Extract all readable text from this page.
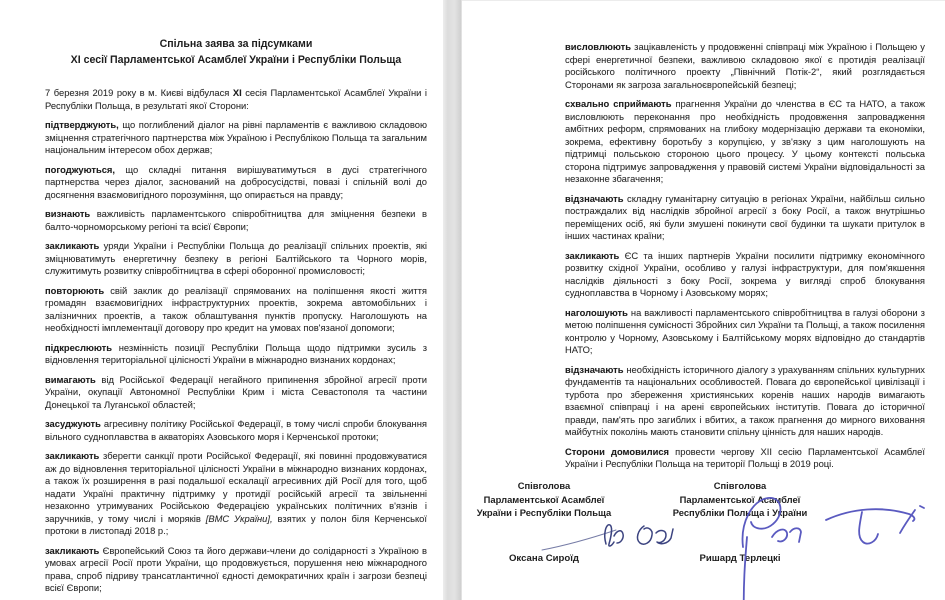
Спільна заява за підсумками
XI сесії Парламентської Асамблеї України і Республіки Польща

7 березня 2019 року в м. Києві відбулася XI сесія Парламентської Асамблеї України і Республіки Польща, в результаті якої Сторони:

підтверджують, що поглиблений діалог на рівні парламентів є важливою складовою зміцнення стратегічного партнерства між Україною і Республікою Польща та загальним національним інтересом обох держав;

погоджуються, що складні питання вирішуватимуться в дусі стратегічного партнерства через діалог, заснований на добросусідстві, повазі і спільній волі до досягнення взаємовигідного порозуміння, що опирається на правду;

визнають важливість парламентського співробітництва для зміцнення безпеки в балто-чорноморському регіоні та всієї Європи;

закликають уряди України і Республіки Польща до реалізації спільних проектів, які зміцнюватимуть енергетичну безпеку в регіоні Балтійського та Чорного морів, служитимуть розвитку співробітництва в сфері оборонної промисловості;

повторюють свій заклик до реалізації спрямованих на поліпшення якості життя громадян взаємовигідних інфраструктурних проектів, зокрема автомобільних і залізничних проектів, а також облаштування пунктів пропуску. Наголошують на необхідності імплементації договору про кредит на умовах пов'язаної допомоги;

підкреслюють незмінність позиції Республіки Польща щодо підтримки зусиль з відновлення територіальної цілісності України в міжнародно визнаних кордонах;

вимагають від Російської Федерації негайного припинення збройної агресії проти України, окупації Автономної Республіки Крим і міста Севастополя та частини Донецької та Луганської областей;

засуджують агресивну політику Російської Федерації, в тому числі спроби блокування вільного судноплавства в акваторіях Азовського моря і Керченської протоки;

закликають зберегти санкції проти Російської Федерації, які повинні продовжуватися аж до відновлення територіальної цілісності України в міжнародно визнаних кордонах, а також їх розширення в разі подальшої ескалації агресивних дій Росії для того, щоб надати Україні практичну підтримку у протидії російській агресії та звільненні незаконно утримуваних Російською Федерацією українських політичних в'язнів і заручників, у тому числі і моряків [ВМС України], взятих у полон біля Керченської протоки в листопаді 2018 р.;

закликають Європейський Союз та його держави-члени до солідарності з Україною в умовах агресії Росії проти України, що продовжується, порушення нею міжнародного права, спроб підриву трансатлантичної єдності демократичних країн і загрози безпеці всієї Європи;

висловлюють зацікавленість у продовженні співпраці між Україною і Польщею у сфері енергетичної безпеки, важливою складовою якої є протидія реалізації російського політичного проекту „Північний Потік-2“, який розглядається Сторонами як загроза загальноєвропейській безпеці;

схвально сприймають прагнення України до членства в ЄС та НАТО, а також висловлюють переконання про необхідність продовження запровадження амбітних реформ, спрямованих на глибоку модернізацію держави та економіки, зокрема, ефективну боротьбу з корупцією, у зв'язку з цим наголошують на підтримці польською стороною цього процесу. У цьому контексті польська сторона підтримує запровадження у правовій системі України відповідальності за незаконне збагачення;

відзначають складну гуманітарну ситуацію в регіонах України, найбільш сильно постраждалих від наслідків збройної агресії з боку Росії, а також внутрішньо переміщених осіб, які були змушені покинути свої будинки та шукати притулок в інших частинах країни;

закликають ЄС та інших партнерів України посилити підтримку економічного розвитку східної України, особливо у галузі інфраструктури, для пом'якшення наслідків діяльності з боку Росії, зокрема у вигляді спроб блокування судноплавства в Чорному і Азовському морях;

наголошують на важливості парламентського співробітництва в галузі оборони з метою поліпшення сумісності Збройних сил України та Польщі, а також посилення контролю у Чорному, Азовському і Балтійському морях відповідно до стандартів НАТО;

відзначають необхідність історичного діалогу з урахуванням спільних культурних фундаментів та національних особливостей. Повага до європейської цивілізації і турбота про збереження християнських коренів наших народів вимагають взаємної співпраці і на арені європейських інститутів. Повага до історичної правди, пам'ять про загиблих і вбитих, а також прагнення до мирного виховання майбутніх поколінь мають становити спільну цінність для наших народів.

Сторони домовилися провести чергову XII сесію Парламентської Асамблеї України і Республіки Польща на території Польщі в 2019 році.

Співголова
Парламентської Асамблеї
України і Республіки Польща
Оксана Сироїд
Співголова
Парламентської Асамблеї
Республіки Польща і України
Ришард Терлецкі
